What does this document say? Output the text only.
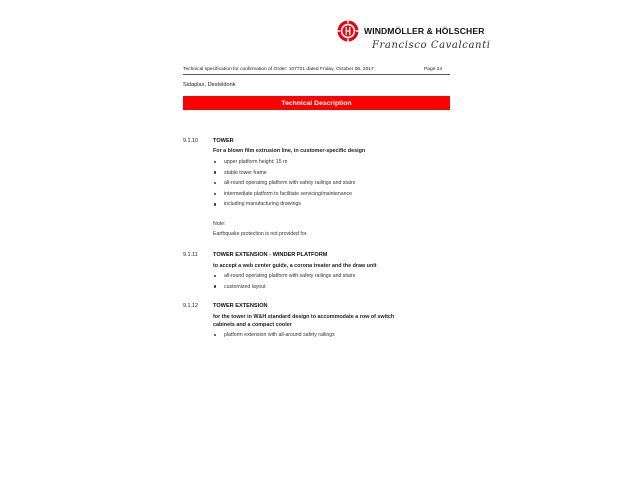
WINDMÖLLER & HÖLSCHER
Francisco Cavalcanti
Technical specification for confirmation of Order: 107721 dated Friday, October 06, 2017	Page 24
Sidaplax, Desteldonk
Technical Description
9.1.10	TOWER
For a blown film extrusion line, in customer-specific design
upper platform height: 15 m
stable tower frame
all-round operating platform with safety railings and stairs
intermediate platform to facilitate servicing/maintenance
including manufacturing drawings
Note:
Earthquake protection is not provided for.
9.1.11	TOWER EXTENSION - WINDER PLATFORM
to accept a web center guide, a corona treater and the draw unit
all-round operating platform with safety railings and stairs
customized layout
9.1.12	TOWER EXTENSION
for the tower in W&H standard design to accommodate a row of switch
cabinets and a compact cooler
platform extension with all-around safety railings
